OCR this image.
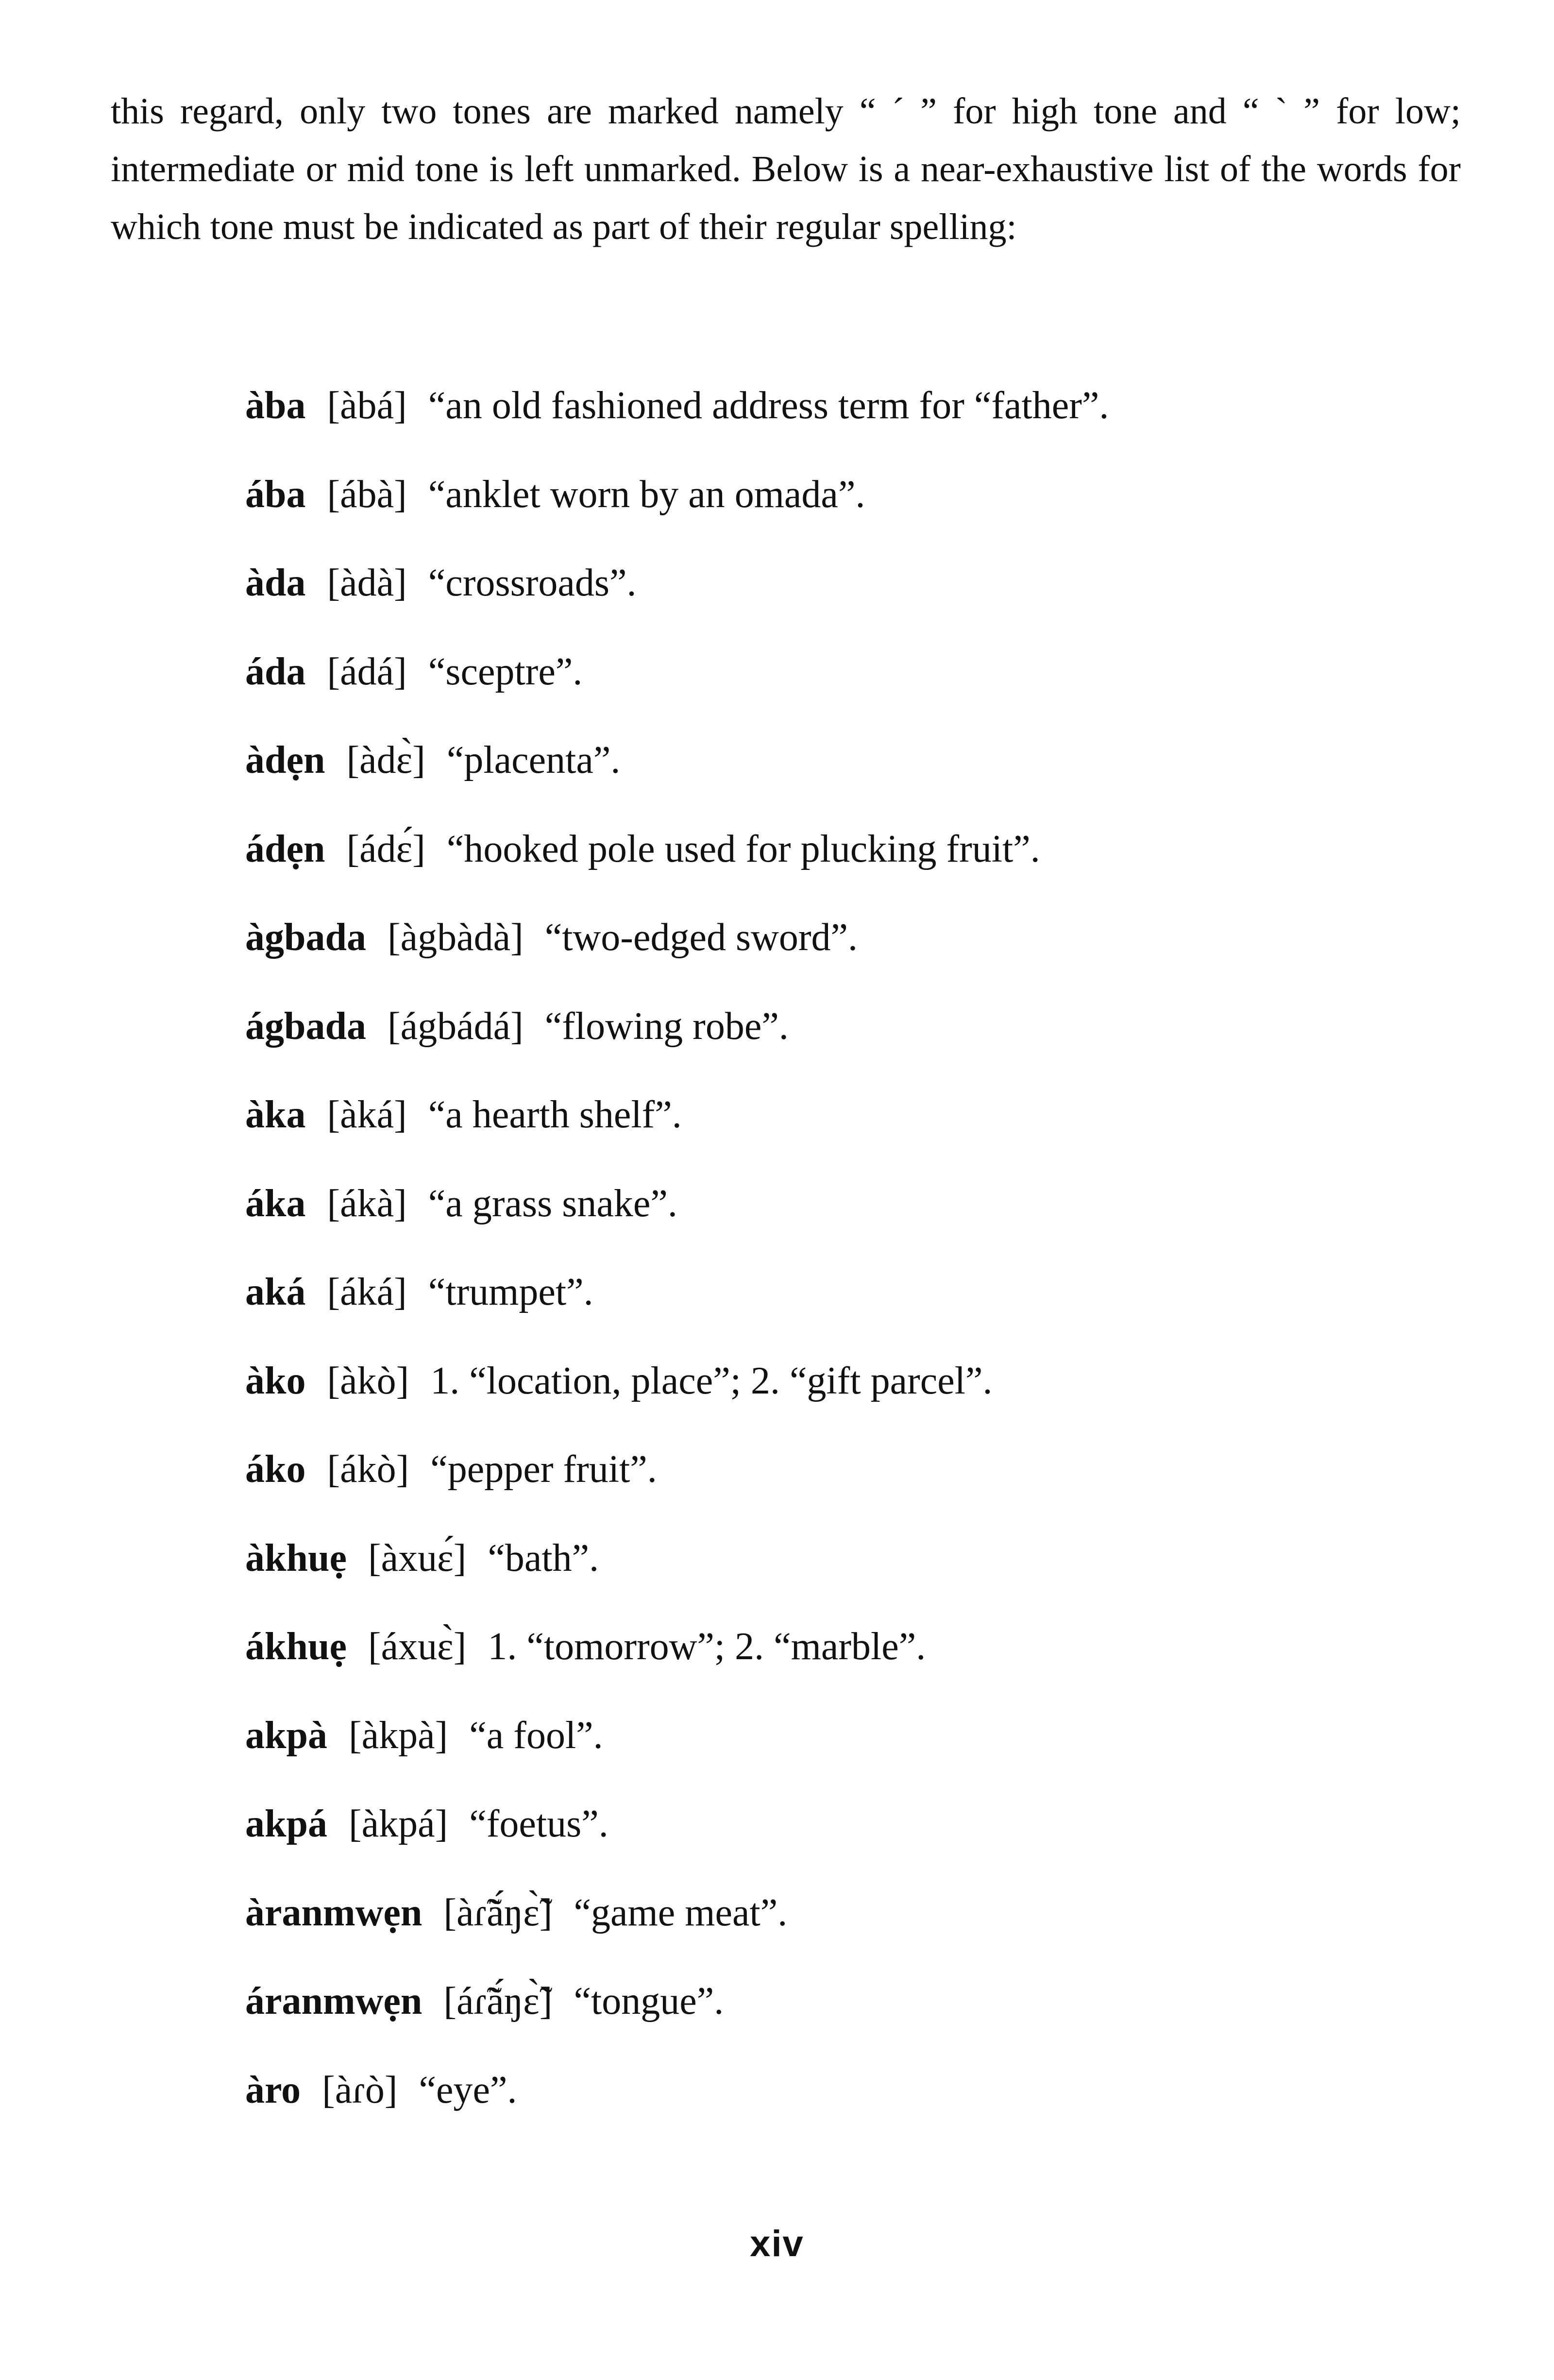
this regard, only two tones are marked namely “ ´ ” for high tone and “ ` ” for low; intermediate or mid tone is left unmarked. Below is a near-exhaustive list of the words for which tone must be indicated as part of their regular spelling:

àba [àbá] “an old fashioned address term for “father”.
ába [ábà] “anklet worn by an omada”.
àda [àdà] “crossroads”.
áda [ádá] “sceptre”.
àdẹn [àdɛ̀] “placenta”.
ádẹn [ádɛ́] “hooked pole used for plucking fruit”.
àgbada [àgbàdà] “two-edged sword”.
ágbada [ágbádá] “flowing robe”.
àka [àká] “a hearth shelf”.
áka [ákà] “a grass snake”.
aká [áká] “trumpet”.
àko [àkò] 1. “location, place”; 2. “gift parcel”.
áko [ákò] “pepper fruit”.
àkhuẹ [àxuɛ́] “bath”.
ákhuẹ [áxuɛ̀] 1. “tomorrow”; 2. “marble”.
akpà [àkpà] “a fool”.
akpá [àkpá] “foetus”.
àranmwẹn [àɾ̃ã́ŋɛ̃̀] “game meat”.
áranmwẹn [áɾ̃ã́ŋɛ̃̀] “tongue”.
àro [àɾò] “eye”.
xiv
